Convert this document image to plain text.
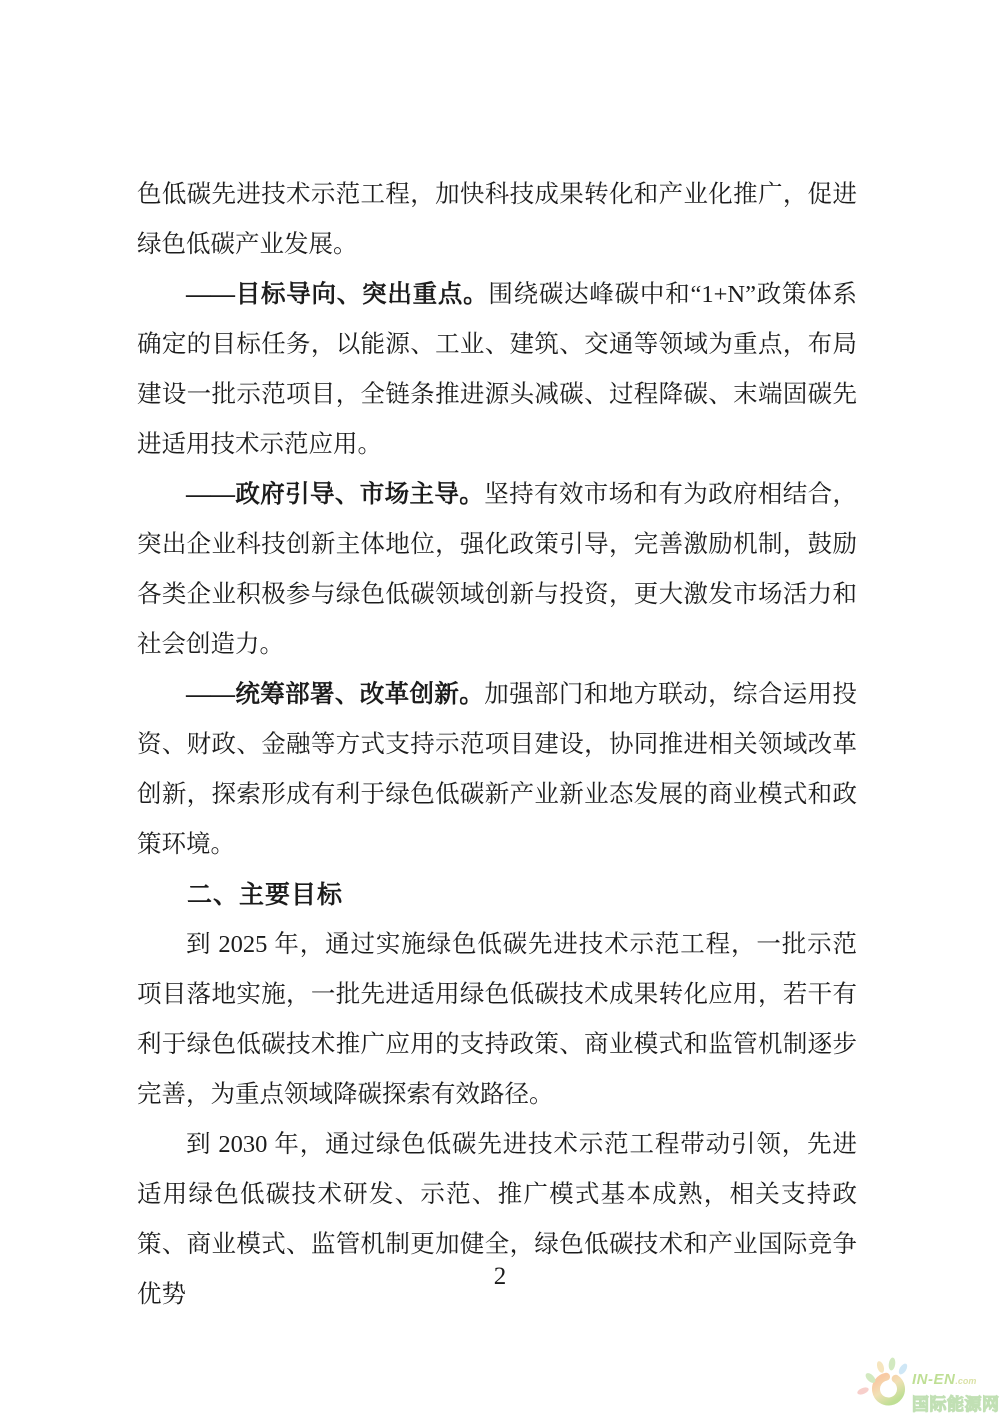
色低碳先进技术示范工程，加快科技成果转化和产业化推广，促进绿色低碳产业发展。

——目标导向、突出重点。围绕碳达峰碳中和“1+N”政策体系确定的目标任务，以能源、工业、建筑、交通等领域为重点，布局建设一批示范项目，全链条推进源头减碳、过程降碳、末端固碳先进适用技术示范应用。

——政府引导、市场主导。坚持有效市场和有为政府相结合，突出企业科技创新主体地位，强化政策引导，完善激励机制，鼓励各类企业积极参与绿色低碳领域创新与投资，更大激发市场活力和社会创造力。

——统筹部署、改革创新。加强部门和地方联动，综合运用投资、财政、金融等方式支持示范项目建设，协同推进相关领域改革创新，探索形成有利于绿色低碳新产业新业态发展的商业模式和政策环境。

二、主要目标

到 2025 年，通过实施绿色低碳先进技术示范工程，一批示范项目落地实施，一批先进适用绿色低碳技术成果转化应用，若干有利于绿色低碳技术推广应用的支持政策、商业模式和监管机制逐步完善，为重点领域降碳探索有效路径。

到 2030 年，通过绿色低碳先进技术示范工程带动引领，先进适用绿色低碳技术研发、示范、推广模式基本成熟，相关支持政策、商业模式、监管机制更加健全，绿色低碳技术和产业国际竞争优势

2
IN-EN.com
国际能源网
